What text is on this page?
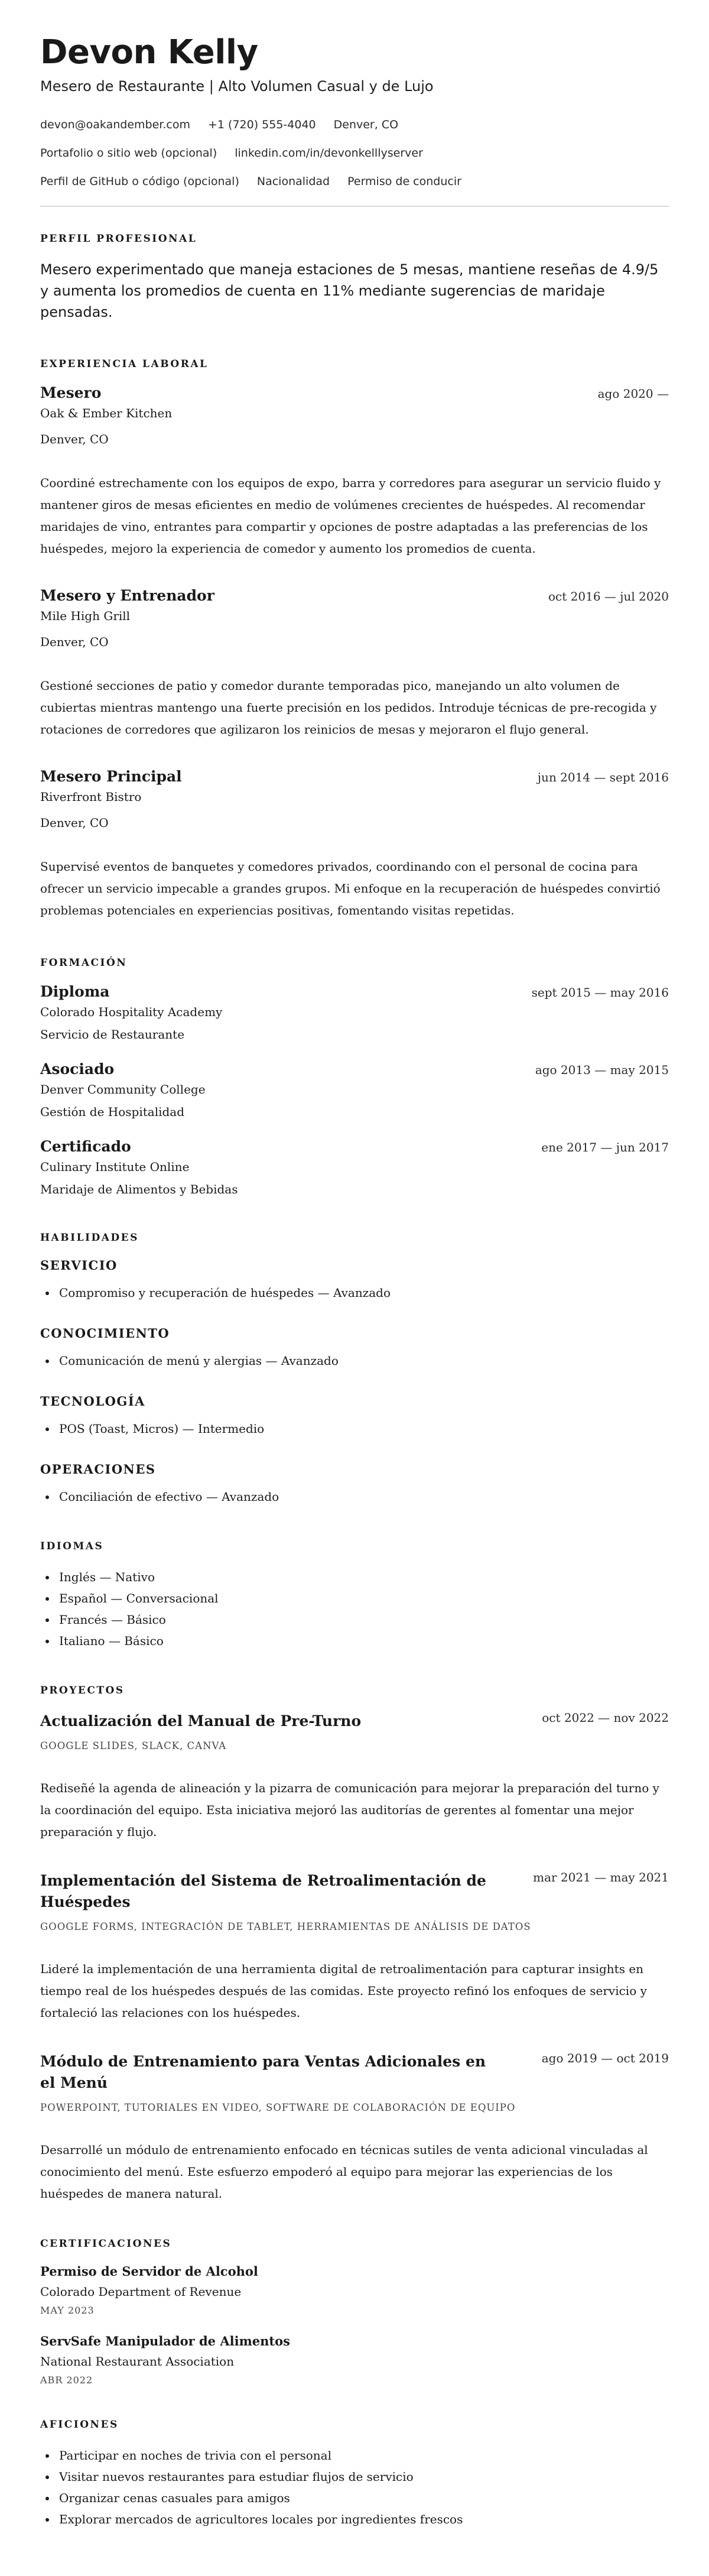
Devon Kelly
Mesero de Restaurante | Alto Volumen Casual y de Lujo
devon@oakandember.com +1 (720) 555-4040 Denver, CO
Portafolio o sitio web (opcional) linkedin.com/in/devonkelllyserver
Perfil de GitHub o código (opcional) Nacionalidad Permiso de conducir
PERFIL PROFESIONAL
Mesero experimentado que maneja estaciones de 5 mesas, mantiene reseñas de 4.9/5 y aumenta los promedios de cuenta en 11% mediante sugerencias de maridaje pensadas.
EXPERIENCIA LABORAL
Mesero	ago 2020 —
Oak & Ember Kitchen
Denver, CO
Coordiné estrechamente con los equipos de expo, barra y corredores para asegurar un servicio fluido y mantener giros de mesas eficientes en medio de volúmenes crecientes de huéspedes. Al recomendar maridajes de vino, entrantes para compartir y opciones de postre adaptadas a las preferencias de los huéspedes, mejoro la experiencia de comedor y aumento los promedios de cuenta.
Mesero y Entrenador	oct 2016 — jul 2020
Mile High Grill
Denver, CO
Gestioné secciones de patio y comedor durante temporadas pico, manejando un alto volumen de cubiertas mientras mantengo una fuerte precisión en los pedidos. Introduje técnicas de pre-recogida y rotaciones de corredores que agilizaron los reinicios de mesas y mejoraron el flujo general.
Mesero Principal	jun 2014 — sept 2016
Riverfront Bistro
Denver, CO
Supervisé eventos de banquetes y comedores privados, coordinando con el personal de cocina para ofrecer un servicio impecable a grandes grupos. Mi enfoque en la recuperación de huéspedes convirtió problemas potenciales en experiencias positivas, fomentando visitas repetidas.
FORMACIÓN
Diploma	sept 2015 — may 2016
Colorado Hospitality Academy
Servicio de Restaurante
Asociado	ago 2013 — may 2015
Denver Community College
Gestión de Hospitalidad
Certificado	ene 2017 — jun 2017
Culinary Institute Online
Maridaje de Alimentos y Bebidas
HABILIDADES
SERVICIO
• Compromiso y recuperación de huéspedes — Avanzado
CONOCIMIENTO
• Comunicación de menú y alergias — Avanzado
TECNOLOGÍA
• POS (Toast, Micros) — Intermedio
OPERACIONES
• Conciliación de efectivo — Avanzado
IDIOMAS
• Inglés — Nativo
• Español — Conversacional
• Francés — Básico
• Italiano — Básico
PROYECTOS
Actualización del Manual de Pre-Turno	oct 2022 — nov 2022
GOOGLE SLIDES, SLACK, CANVA
Rediseñé la agenda de alineación y la pizarra de comunicación para mejorar la preparación del turno y la coordinación del equipo. Esta iniciativa mejoró las auditorías de gerentes al fomentar una mejor preparación y flujo.
Implementación del Sistema de Retroalimentación de Huéspedes
mar 2021 — may 2021
GOOGLE FORMS, INTEGRACIÓN DE TABLET, HERRAMIENTAS DE ANÁLISIS DE DATOS
Lideré la implementación de una herramienta digital de retroalimentación para capturar insights en tiempo real de los huéspedes después de las comidas. Este proyecto refinó los enfoques de servicio y fortaleció las relaciones con los huéspedes.
Módulo de Entrenamiento para Ventas Adicionales en el Menú
ago 2019 — oct 2019
POWERPOINT, TUTORIALES EN VIDEO, SOFTWARE DE COLABORACIÓN DE EQUIPO
Desarrollé un módulo de entrenamiento enfocado en técnicas sutiles de venta adicional vinculadas al conocimiento del menú. Este esfuerzo empoderó al equipo para mejorar las experiencias de los huéspedes de manera natural.
CERTIFICACIONES
Permiso de Servidor de Alcohol
Colorado Department of Revenue
MAY 2023
ServSafe Manipulador de Alimentos
National Restaurant Association
ABR 2022
AFICIONES
• Participar en noches de trivia con el personal
• Visitar nuevos restaurantes para estudiar flujos de servicio
• Organizar cenas casuales para amigos
• Explorar mercados de agricultores locales por ingredientes frescos
